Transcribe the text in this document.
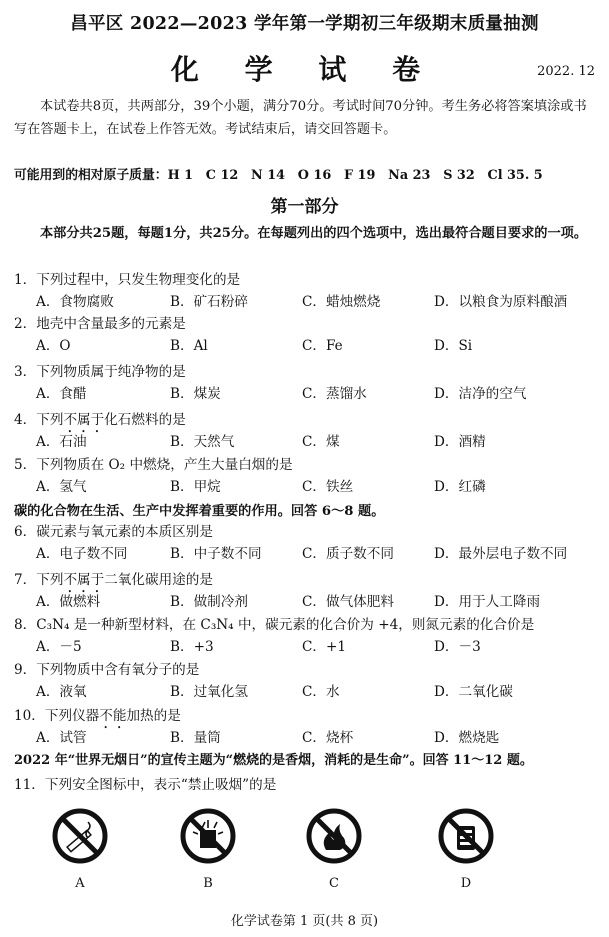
昌平区 2022—2023 学年第一学期初三年级期末质量抽测
化 学 试 卷	2022. 12
本试卷共8页，共两部分，39个小题，满分70分。考试时间70分钟。考生务必将答案填涂或书写在答题卡上，在试卷上作答无效。考试结束后，请交回答题卡。
可能用到的相对原子质量：H 1　C 12　N 14　O 16　F 19　Na 23　S 32　Cl 35. 5
第一部分
本部分共25题，每题1分，共25分。在每题列出的四个选项中，选出最符合题目要求的一项。
1．下列过程中，只发生物理变化的是
A．食物腐败	B．矿石粉碎	C．蜡烛燃烧	D．以粮食为原料酿酒
2．地壳中含量最多的元素是
A．O	B．Al	C．Fe	D．Si
3．下列物质属于纯净物的是
A．食醋	B．煤炭	C．蒸馏水	D．洁净的空气
4．下列不属于化石燃料的是
A．石油	B．天然气	C．煤	D．酒精
5．下列物质在 O₂ 中燃烧，产生大量白烟的是
A．氢气	B．甲烷	C．铁丝	D．红磷
6．碳元素与氧元素的本质区别是
A．电子数不同	B．中子数不同	C．质子数不同	D．最外层电子数不同
7．下列不属于二氧化碳用途的是
A．做燃料	B．做制冷剂	C．做气体肥料	D．用于人工降雨
8．C₃N₄ 是一种新型材料，在 C₃N₄ 中，碳元素的化合价为 +4，则氮元素的化合价是
A．－5	B．+3	C．+1	D．－3
9．下列物质中含有氧分子的是
A．液氧	B．过氧化氢	C．水	D．二氧化碳
10．下列仪器不能加热的是
A．试管	B．量筒	C．烧杯	D．燃烧匙
11．下列安全图标中，表示“禁止吸烟”的是
碳的化合物在生活、生产中发挥着重要的作用。回答 6～8 题。
2022 年“世界无烟日”的宣传主题为“燃烧的是香烟，消耗的是生命”。回答 11～12 题。
A	B	C	D
化学试卷第 1 页(共 8 页)
